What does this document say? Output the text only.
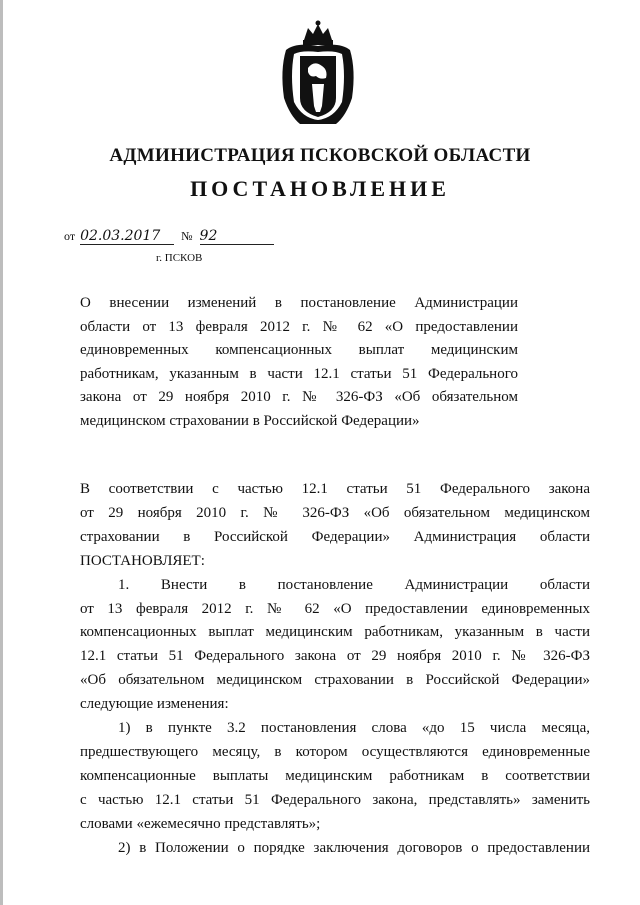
АДМИНИСТРАЦИЯ ПСКОВСКОЙ ОБЛАСТИ
ПОСТАНОВЛЕНИЕ
от 02.03.2017 № 92
г. ПСКОВ
О внесении изменений в постановление Администрации
области от 13 февраля 2012 г. № 62 «О предоставлении
единовременных компенсационных выплат медицинским
работникам, указанным в части 12.1 статьи 51 Федерального
закона от 29 ноября 2010 г. № 326-ФЗ «Об обязательном
медицинском страховании в Российской Федерации»
В соответствии с частью 12.1 статьи 51 Федерального закона
от 29 ноября 2010 г. № 326-ФЗ «Об обязательном медицинском
страховании в Российской Федерации» Администрация области
ПОСТАНОВЛЯЕТ:
1. Внести в постановление Администрации области
от 13 февраля 2012 г. № 62 «О предоставлении единовременных
компенсационных выплат медицинским работникам, указанным в части
12.1 статьи 51 Федерального закона от 29 ноября 2010 г. № 326-ФЗ
«Об обязательном медицинском страховании в Российской Федерации»
следующие изменения:
1) в пункте 3.2 постановления слова «до 15 числа месяца,
предшествующего месяцу, в котором осуществляются единовременные
компенсационные выплаты медицинским работникам в соответствии
с частью 12.1 статьи 51 Федерального закона, представлять» заменить
словами «ежемесячно представлять»;
2) в Положении о порядке заключения договоров о предоставлении
